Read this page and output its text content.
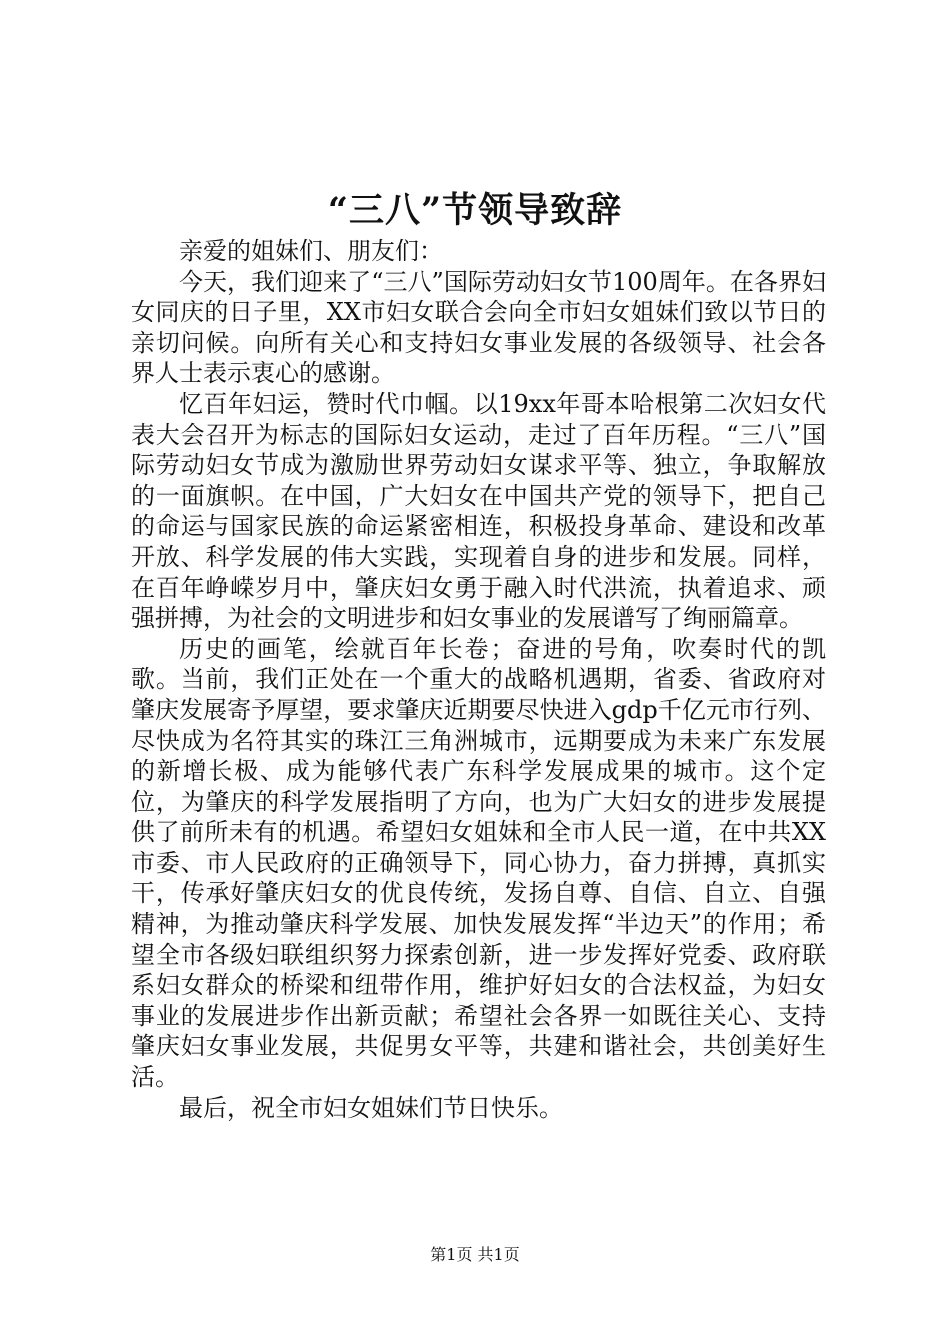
“三八”节领导致辞

亲爱的姐妹们、朋友们：

今天，我们迎来了“三八”国际劳动妇女节100周年。在各界妇女同庆的日子里，XX市妇女联合会向全市妇女姐妹们致以节日的亲切问候。向所有关心和支持妇女事业发展的各级领导、社会各界人士表示衷心的感谢。

忆百年妇运，赞时代巾帼。以19xx年哥本哈根第二次妇女代表大会召开为标志的国际妇女运动，走过了百年历程。“三八”国际劳动妇女节成为激励世界劳动妇女谋求平等、独立，争取解放的一面旗帜。在中国，广大妇女在中国共产党的领导下，把自己的命运与国家民族的命运紧密相连，积极投身革命、建设和改革开放、科学发展的伟大实践，实现着自身的进步和发展。同样，在百年峥嵘岁月中，肇庆妇女勇于融入时代洪流，执着追求、顽强拼搏，为社会的文明进步和妇女事业的发展谱写了绚丽篇章。

历史的画笔，绘就百年长卷；奋进的号角，吹奏时代的凯歌。当前，我们正处在一个重大的战略机遇期，省委、省政府对肇庆发展寄予厚望，要求肇庆近期要尽快进入gdp千亿元市行列、尽快成为名符其实的珠江三角洲城市，远期要成为未来广东发展的新增长极、成为能够代表广东科学发展成果的城市。这个定位，为肇庆的科学发展指明了方向，也为广大妇女的进步发展提供了前所未有的机遇。希望妇女姐妹和全市人民一道，在中共XX市委、市人民政府的正确领导下，同心协力，奋力拼搏，真抓实干，传承好肇庆妇女的优良传统，发扬自尊、自信、自立、自强精神，为推动肇庆科学发展、加快发展发挥“半边天”的作用；希望全市各级妇联组织努力探索创新，进一步发挥好党委、政府联系妇女群众的桥梁和纽带作用，维护好妇女的合法权益，为妇女事业的发展进步作出新贡献；希望社会各界一如既往关心、支持肇庆妇女事业发展，共促男女平等，共建和谐社会，共创美好生活。

最后，祝全市妇女姐妹们节日快乐。

第1页 共1页
